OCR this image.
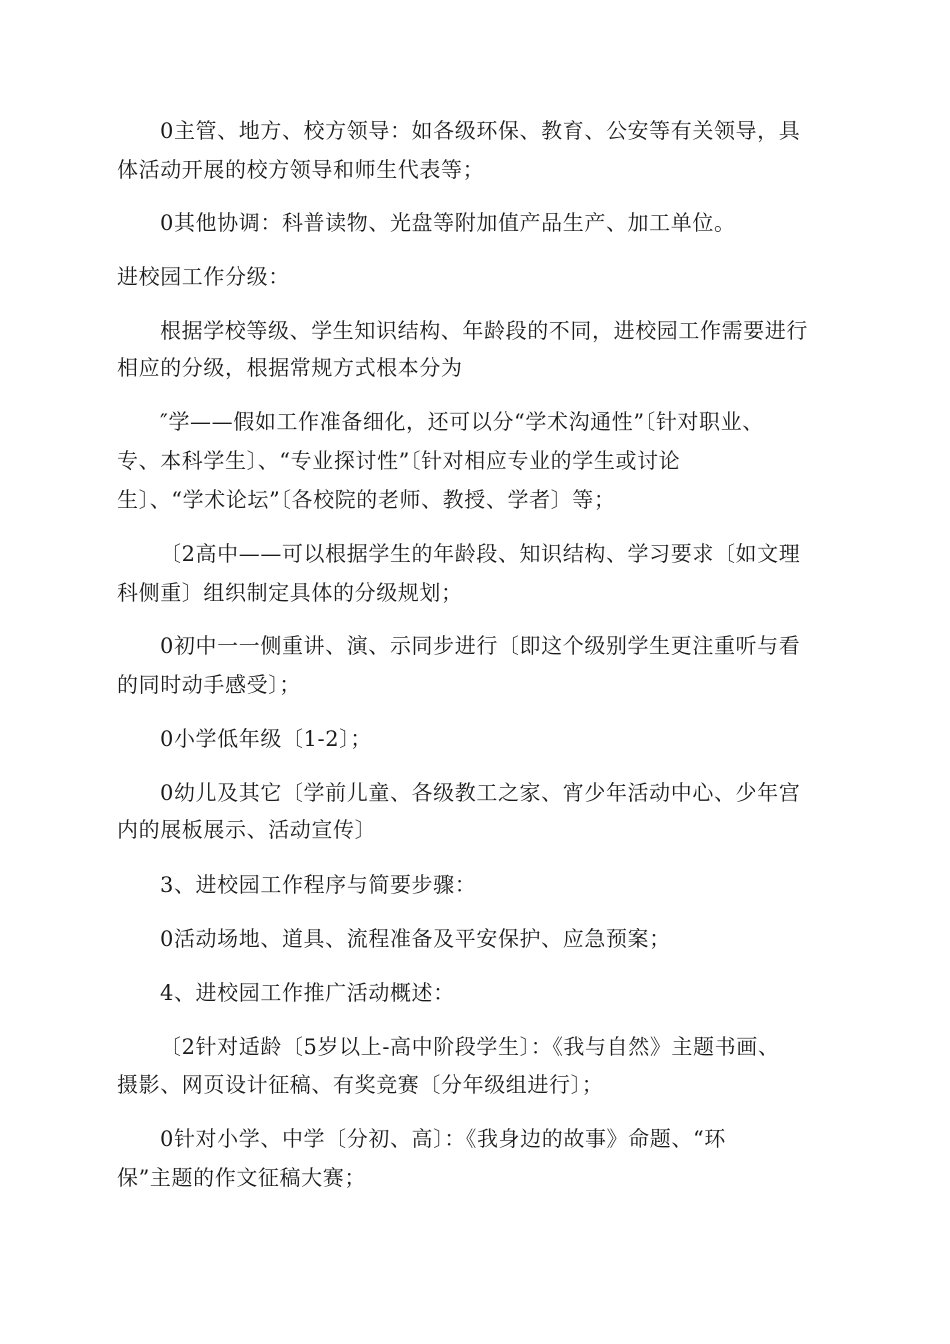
0主管、地方、校方领导：如各级环保、教育、公安等有关领导，具
体活动开展的校方领导和师生代表等；
0其他协调：科普读物、光盘等附加值产品生产、加工单位。
进校园工作分级：
根据学校等级、学生知识结构、年龄段的不同，进校园工作需要进行
相应的分级，根据常规方式根本分为
″学——假如工作准备细化，还可以分“学术沟通性”〔针对职业、
专、本科学生〕、“专业探讨性”〔针对相应专业的学生或讨论
生〕、“学术论坛”〔各校院的老师、教授、学者〕等；
〔2高中——可以根据学生的年龄段、知识结构、学习要求〔如文理
科侧重〕组织制定具体的分级规划；
0初中一一侧重讲、演、示同步进行〔即这个级别学生更注重听与看
的同时动手感受〕；
0小学低年级〔1-2〕；
0幼儿及其它〔学前儿童、各级教工之家、宵少年活动中心、少年宫
内的展板展示、活动宣传〕
3、进校园工作程序与简要步骤：
0活动场地、道具、流程准备及平安保护、应急预案；
4、进校园工作推广活动概述：
〔2针对适龄〔5岁以上-高中阶段学生〕：《我与自然》主题书画、
摄影、网页设计征稿、有奖竞赛〔分年级组进行〕；
0针对小学、中学〔分初、高〕：《我身边的故事》命题、“环
保”主题的作文征稿大赛；
